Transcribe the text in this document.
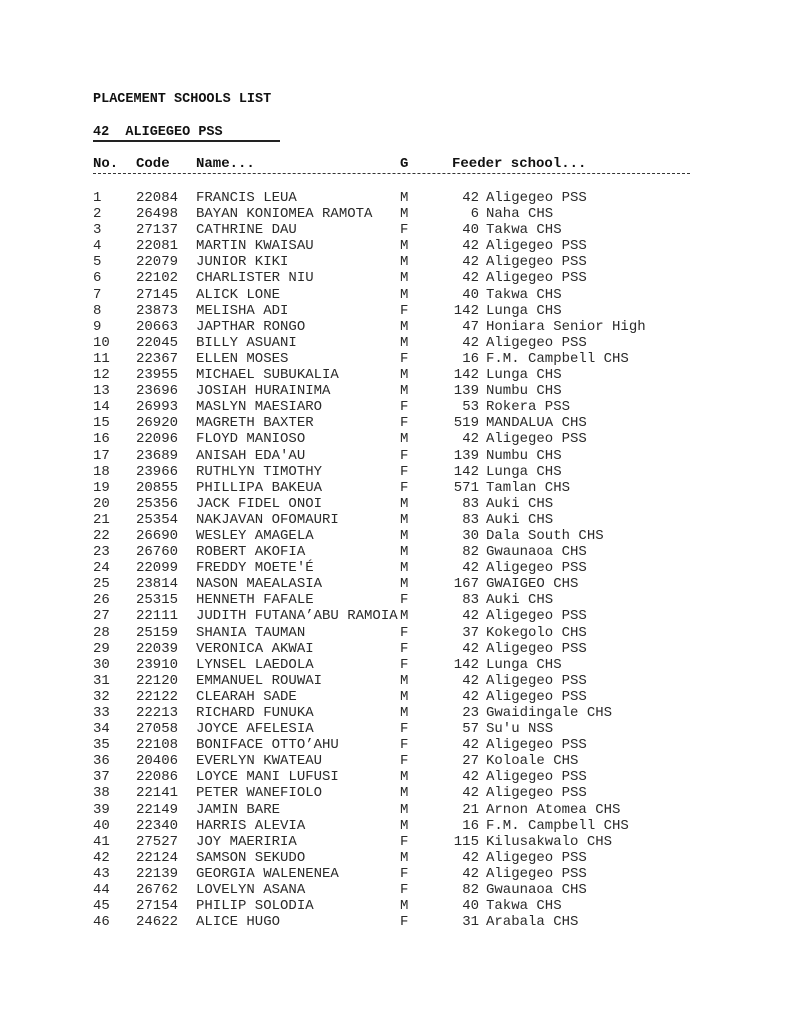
PLACEMENT SCHOOLS LIST
42  ALIGEGEO PSS
No. Code Name...	G	Feeder school...
1 22084 FRANCIS LEUA	M	42 Aligegeo PSS
2 26498 BAYAN KONIOMEA RAMOTA M	6 Naha CHS
3 27137 CATHRINE DAU	F	40 Takwa CHS
4 22081 MARTIN KWAISAU	M	42 Aligegeo PSS
5 22079 JUNIOR KIKI	M	42 Aligegeo PSS
6 22102 CHARLISTER NIU	M	42 Aligegeo PSS
7 27145 ALICK LONE	M	40 Takwa CHS
8 23873 MELISHA ADI	F	142 Lunga CHS
9 20663 JAPTHAR RONGO	M	47 Honiara Senior High
10 22045 BILLY ASUANI	M	42 Aligegeo PSS
11 22367 ELLEN MOSES	F	16 F.M. Campbell CHS
12 23955 MICHAEL SUBUKALIA	M	142 Lunga CHS
13 23696 JOSIAH HURAINIMA	M	139 Numbu CHS
14 26993 MASLYN MAESIARO	F	53 Rokera PSS
15 26920 MAGRETH BAXTER	F	519 MANDALUA CHS
16 22096 FLOYD MANIOSO	M	42 Aligegeo PSS
17 23689 ANISAH EDA'AU	F	139 Numbu CHS
18 23966 RUTHLYN TIMOTHY	F	142 Lunga CHS
19 20855 PHILLIPA BAKEUA	F	571 Tamlan CHS
20 25356 JACK FIDEL ONOI	M	83 Auki CHS
21 25354 NAKJAVAN OFOMAURI	M	83 Auki CHS
22 26690 WESLEY AMAGELA	M	30 Dala South CHS
23 26760 ROBERT AKOFIA	M	82 Gwaunaoa CHS
24 22099 FREDDY MOETE'É	M	42 Aligegeo PSS
25 23814 NASON MAEALASIA	M	167 GWAIGEO CHS
26 25315 HENNETH FAFALE	F	83 Auki CHS
27 22111 JUDITH FUTANA’ABU RAMOIA M	42 Aligegeo PSS
28 25159 SHANIA TAUMAN	F	37 Kokegolo CHS
29 22039 VERONICA AKWAI	F	42 Aligegeo PSS
30 23910 LYNSEL LAEDOLA	F	142 Lunga CHS
31 22120 EMMANUEL ROUWAI	M	42 Aligegeo PSS
32 22122 CLEARAH SADE	M	42 Aligegeo PSS
33 22213 RICHARD FUNUKA	M	23 Gwaidingale CHS
34 27058 JOYCE AFELESIA	F	57 Su'u NSS
35 22108 BONIFACE OTTO’AHU	F	42 Aligegeo PSS
36 20406 EVERLYN KWATEAU	F	27 Koloale CHS
37 22086 LOYCE MANI LUFUSI	M	42 Aligegeo PSS
38 22141 PETER WANEFIOLO	M	42 Aligegeo PSS
39 22149 JAMIN BARE	M	21 Arnon Atomea CHS
40 22340 HARRIS ALEVIA	M	16 F.M. Campbell CHS
41 27527 JOY MAERIRIA	F	115 Kilusakwalo CHS
42 22124 SAMSON SEKUDO	M	42 Aligegeo PSS
43 22139 GEORGIA WALENENEA	F	42 Aligegeo PSS
44 26762 LOVELYN ASANA	F	82 Gwaunaoa CHS
45 27154 PHILIP SOLODIA	M	40 Takwa CHS
46 24622 ALICE HUGO	F	31 Arabala CHS
